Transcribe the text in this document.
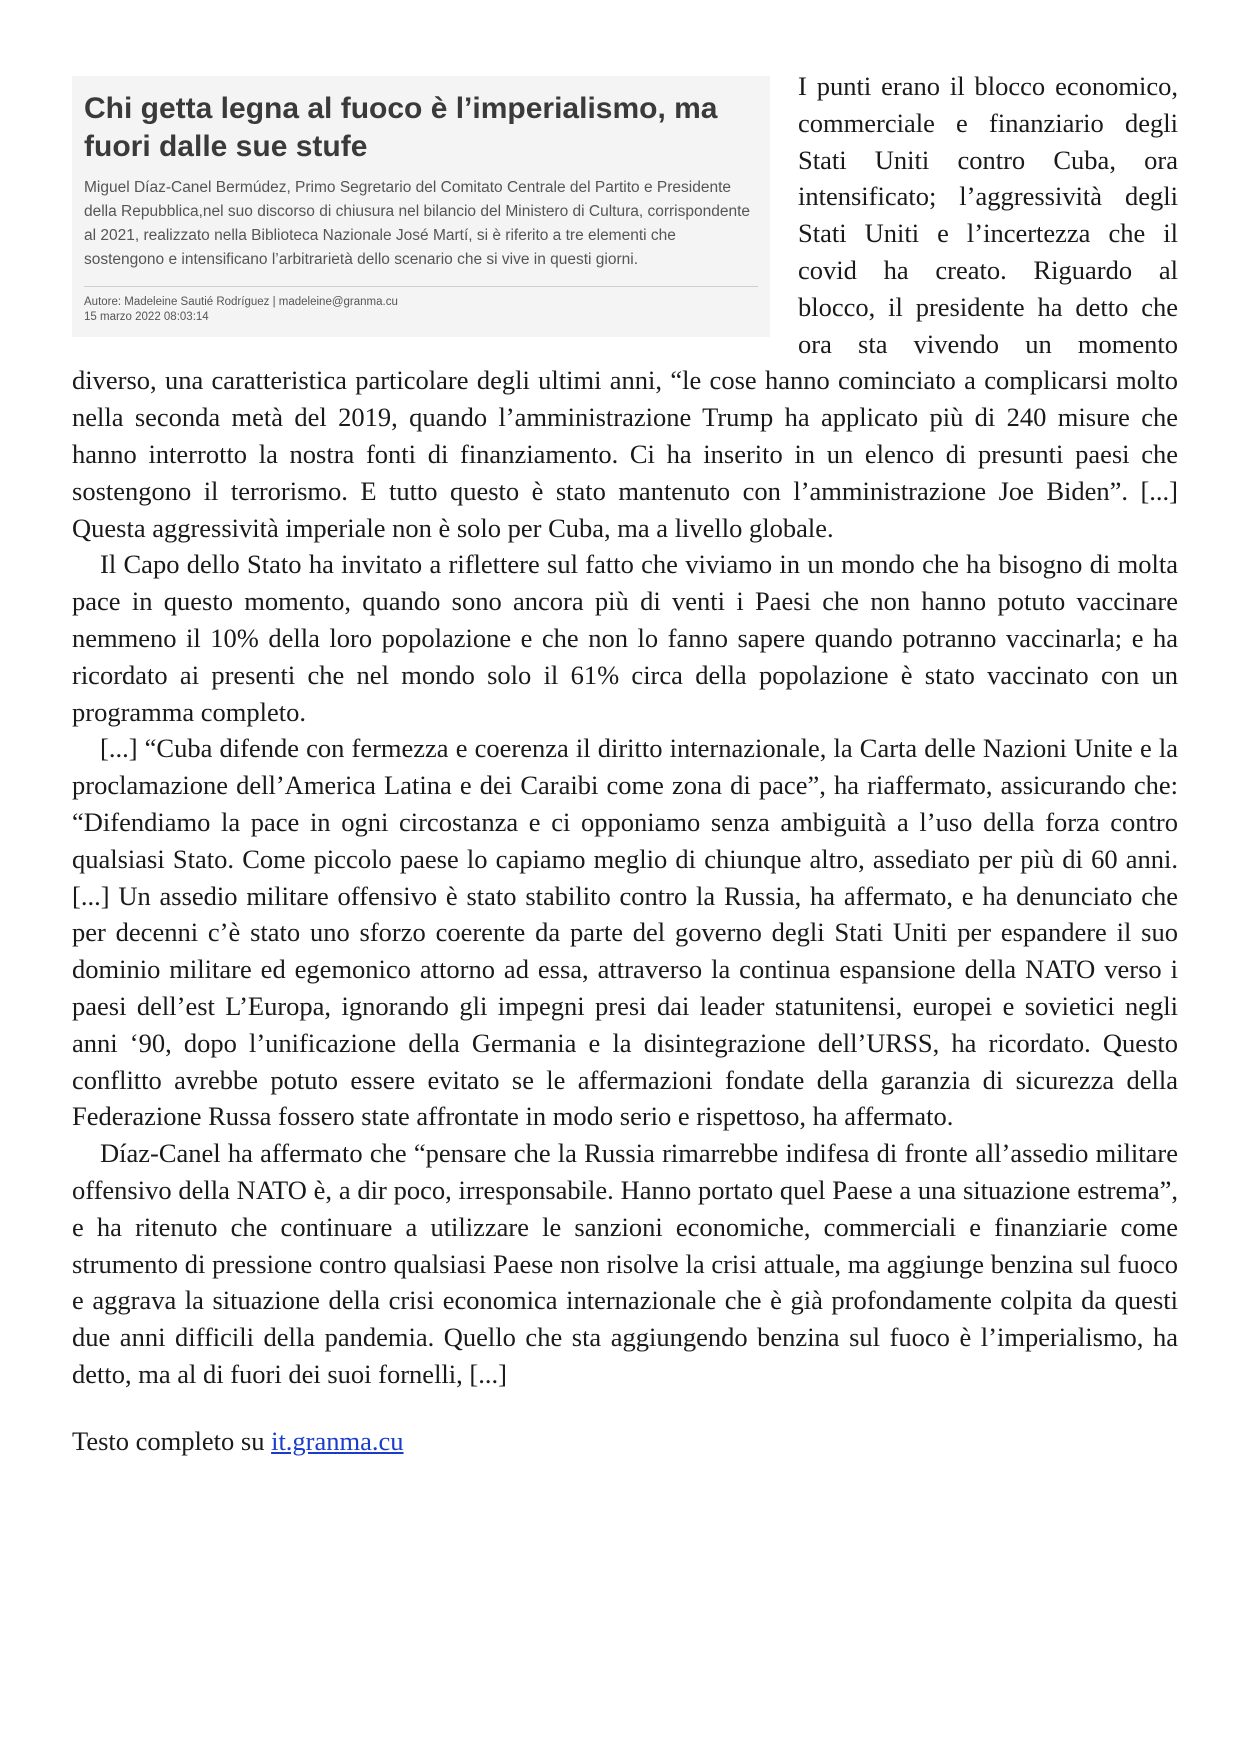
Chi getta legna al fuoco è l’imperialismo, ma fuori dalle sue stufe
Miguel Díaz-Canel Bermúdez, Primo Segretario del Comitato Centrale del Partito e Presidente della Repubblica,nel suo discorso di chiusura nel bilancio del Ministero di Cultura, corrispondente al 2021, realizzato nella Biblioteca Nazionale José Martí, si è riferito a tre elementi che sostengono e intensificano l’arbitrarietà dello scenario che si vive in questi giorni.
Autore: Madeleine Sautié Rodríguez | madeleine@granma.cu
15 marzo 2022 08:03:14

I punti erano il blocco economico, commerciale e finanziario degli Stati Uniti contro Cuba, ora intensificato; l’aggressività degli Stati Uniti e l’incertezza che il covid ha creato. Riguardo al blocco, il presidente ha detto che ora sta vivendo un momento diverso, una caratteristica particolare degli ultimi anni, “le cose hanno cominciato a complicarsi molto nella seconda metà del 2019, quando l’amministrazione Trump ha applicato più di 240 misure che hanno interrotto la nostra fonti di finanziamento. Ci ha inserito in un elenco di presunti paesi che sostengono il terrorismo. E tutto questo è stato mantenuto con l’amministrazione Joe Biden”. [...] Questa aggressività imperiale non è solo per Cuba, ma a livello globale.

Il Capo dello Stato ha invitato a riflettere sul fatto che viviamo in un mondo che ha bisogno di molta pace in questo momento, quando sono ancora più di venti i Paesi che non hanno potuto vaccinare nemmeno il 10% della loro popolazione e che non lo fanno sapere quando potranno vaccinarla; e ha ricordato ai presenti che nel mondo solo il 61% circa della popolazione è stato vaccinato con un programma completo.

[...] “Cuba difende con fermezza e coerenza il diritto internazionale, la Carta delle Nazioni Unite e la proclamazione dell’America Latina e dei Caraibi come zona di pace”, ha riaffermato, assicurando che: “Difendiamo la pace in ogni circostanza e ci opponiamo senza ambiguità a l’uso della forza contro qualsiasi Stato. Come piccolo paese lo capiamo meglio di chiunque altro, assediato per più di 60 anni. [...] Un assedio militare offensivo è stato stabilito contro la Russia, ha affermato, e ha denunciato che per decenni c’è stato uno sforzo coerente da parte del governo degli Stati Uniti per espandere il suo dominio militare ed egemonico attorno ad essa, attraverso la continua espansione della NATO verso i paesi dell’est L’Europa, ignorando gli impegni presi dai leader statunitensi, europei e sovietici negli anni ‘90, dopo l’unificazione della Germania e la disintegrazione dell’URSS, ha ricordato. Questo conflitto avrebbe potuto essere evitato se le affermazioni fondate della garanzia di sicurezza della Federazione Russa fossero state affrontate in modo serio e rispettoso, ha affermato.

Díaz-Canel ha affermato che “pensare che la Russia rimarrebbe indifesa di fronte all’assedio militare offensivo della NATO è, a dir poco, irresponsabile. Hanno portato quel Paese a una situazione estrema”, e ha ritenuto che continuare a utilizzare le sanzioni economiche, commerciali e finanziarie come strumento di pressione contro qualsiasi Paese non risolve la crisi attuale, ma aggiunge benzina sul fuoco e aggrava la situazione della crisi economica internazionale che è già profondamente colpita da questi due anni difficili della pandemia. Quello che sta aggiungendo benzina sul fuoco è l’imperialismo, ha detto, ma al di fuori dei suoi fornelli, [...]

Testo completo su it.granma.cu
